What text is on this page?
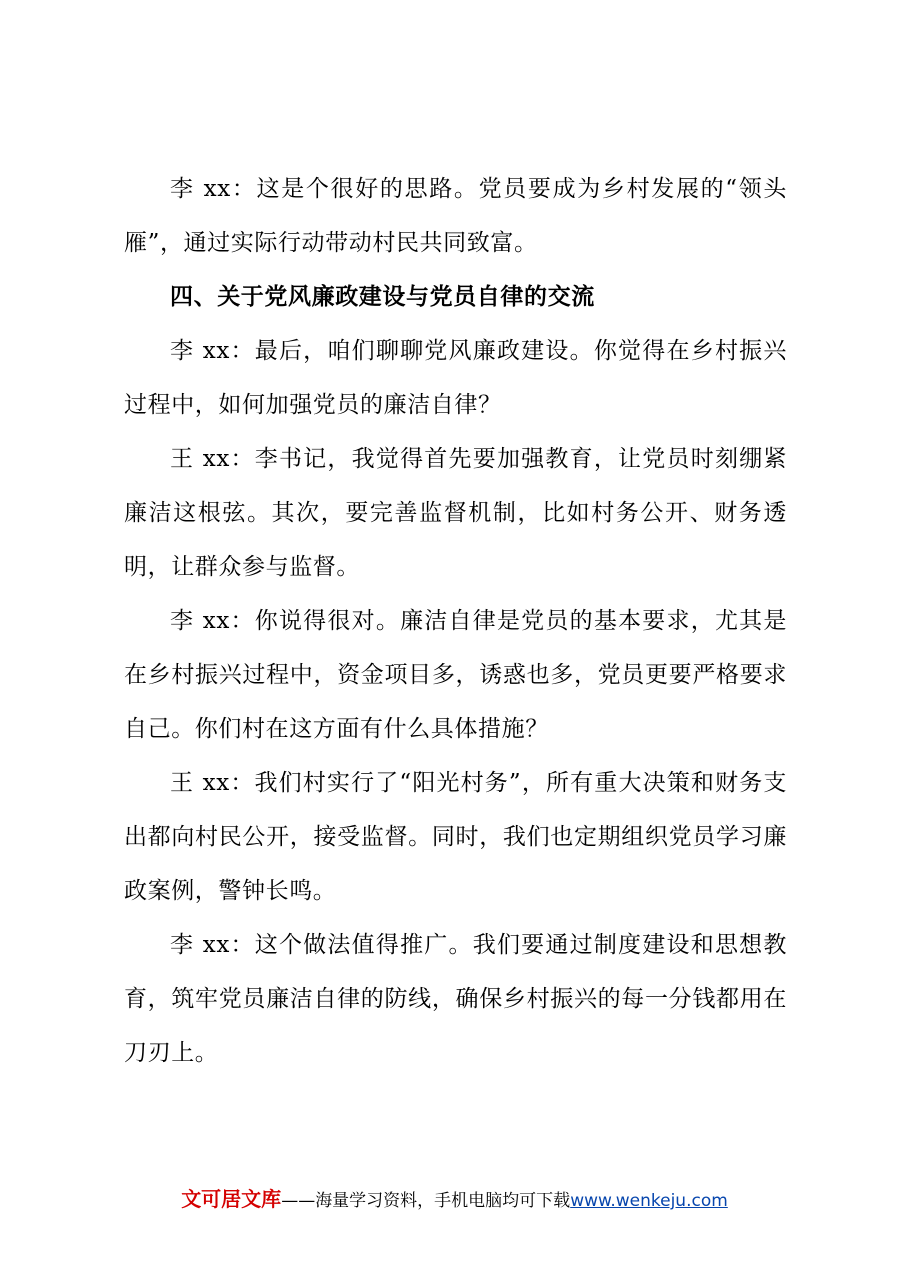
李 xx：这是个很好的思路。党员要成为乡村发展的“领头雁”，通过实际行动带动村民共同致富。

四、关于党风廉政建设与党员自律的交流

李 xx：最后，咱们聊聊党风廉政建设。你觉得在乡村振兴过程中，如何加强党员的廉洁自律？

王 xx：李书记，我觉得首先要加强教育，让党员时刻绷紧廉洁这根弦。其次，要完善监督机制，比如村务公开、财务透明，让群众参与监督。

李 xx：你说得很对。廉洁自律是党员的基本要求，尤其是在乡村振兴过程中，资金项目多，诱惑也多，党员更要严格要求自己。你们村在这方面有什么具体措施？

王 xx：我们村实行了“阳光村务”，所有重大决策和财务支出都向村民公开，接受监督。同时，我们也定期组织党员学习廉政案例，警钟长鸣。

李 xx：这个做法值得推广。我们要通过制度建设和思想教育，筑牢党员廉洁自律的防线，确保乡村振兴的每一分钱都用在刀刃上。

文可居文库——海量学习资料，手机电脑均可下载www.wenkeju.com
